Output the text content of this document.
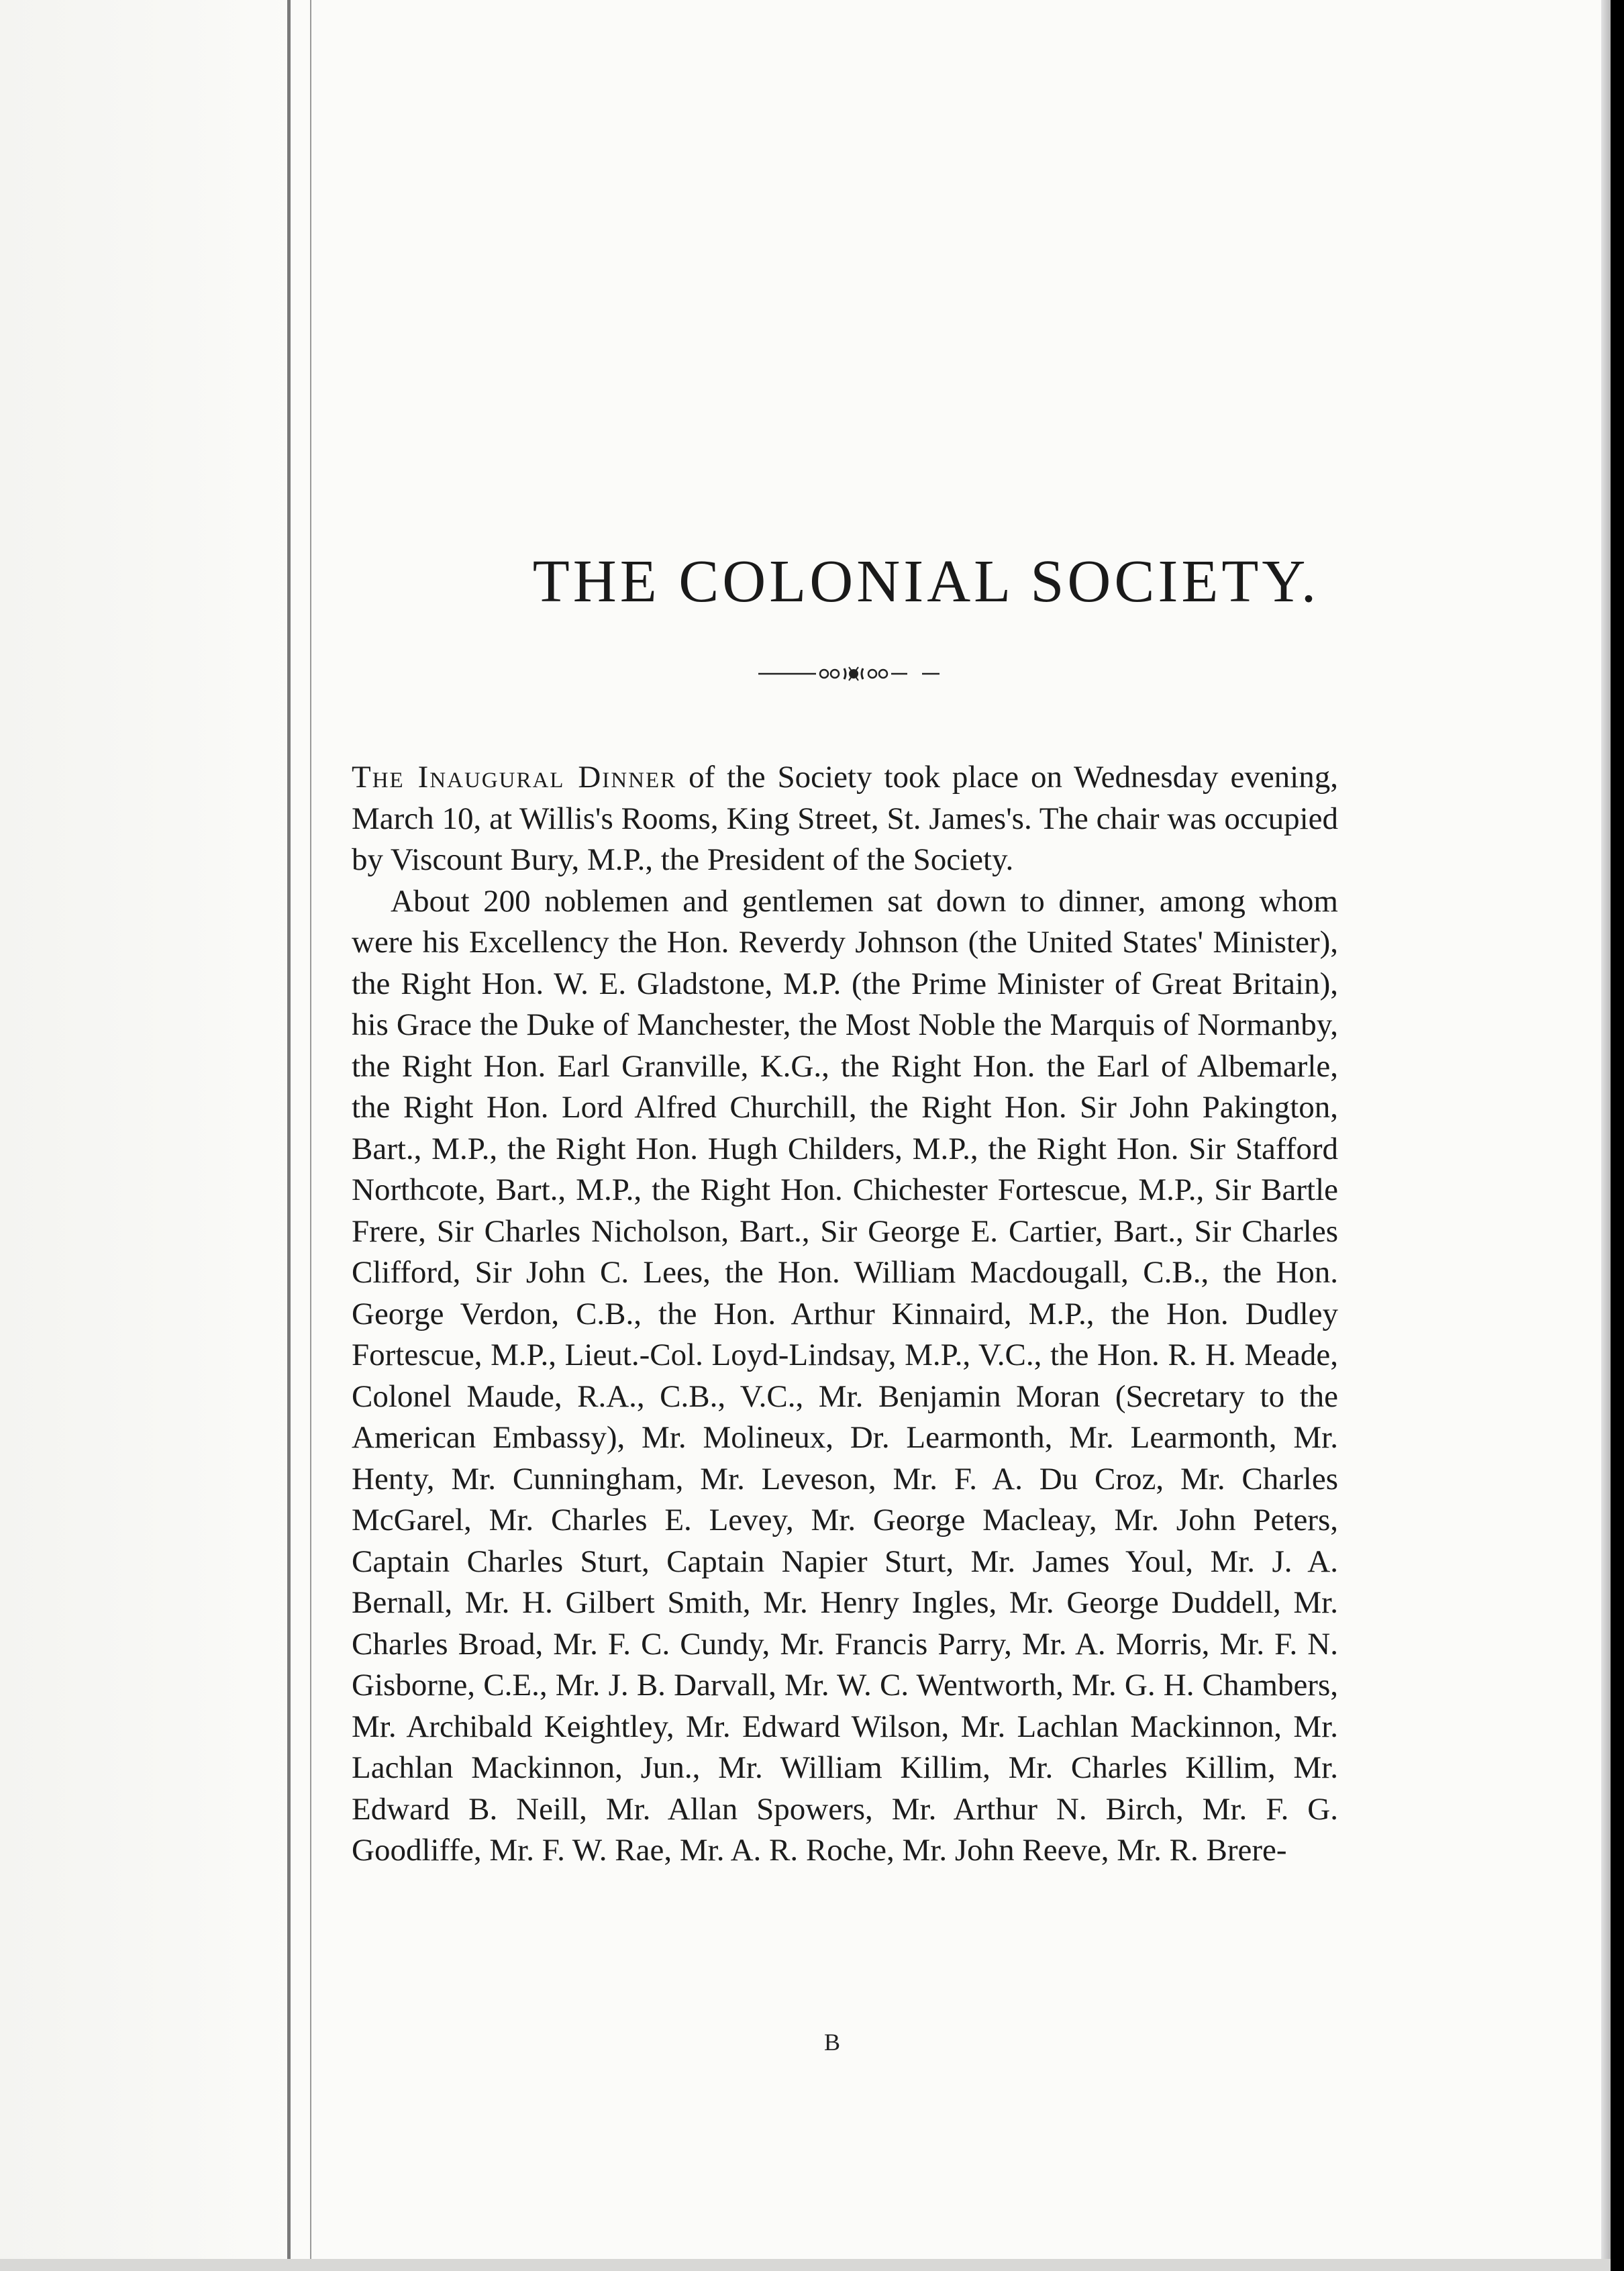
THE COLONIAL SOCIETY.

The Inaugural Dinner of the Society took place on Wednesday evening, March 10, at Willis's Rooms, King Street, St. James's. The chair was occupied by Viscount Bury, M.P., the President of the Society.

About 200 noblemen and gentlemen sat down to dinner, among whom were his Excellency the Hon. Reverdy Johnson (the United States' Minister), the Right Hon. W. E. Gladstone, M.P. (the Prime Minister of Great Britain), his Grace the Duke of Manchester, the Most Noble the Marquis of Normanby, the Right Hon. Earl Granville, K.G., the Right Hon. the Earl of Albemarle, the Right Hon. Lord Alfred Churchill, the Right Hon. Sir John Pakington, Bart., M.P., the Right Hon. Hugh Childers, M.P., the Right Hon. Sir Stafford Northcote, Bart., M.P., the Right Hon. Chichester Fortescue, M.P., Sir Bartle Frere, Sir Charles Nicholson, Bart., Sir George E. Cartier, Bart., Sir Charles Clifford, Sir John C. Lees, the Hon. William Macdougall, C.B., the Hon. George Verdon, C.B., the Hon. Arthur Kinnaird, M.P., the Hon. Dudley Fortescue, M.P., Lieut.-Col. Loyd-Lindsay, M.P., V.C., the Hon. R. H. Meade, Colonel Maude, R.A., C.B., V.C., Mr. Benjamin Moran (Secretary to the American Embassy), Mr. Molineux, Dr. Learmonth, Mr. Learmonth, Mr. Henty, Mr. Cunningham, Mr. Leveson, Mr. F. A. Du Croz, Mr. Charles McGarel, Mr. Charles E. Levey, Mr. George Macleay, Mr. John Peters, Captain Charles Sturt, Captain Napier Sturt, Mr. James Youl, Mr. J. A. Bernall, Mr. H. Gilbert Smith, Mr. Henry Ingles, Mr. George Duddell, Mr. Charles Broad, Mr. F. C. Cundy, Mr. Francis Parry, Mr. A. Morris, Mr. F. N. Gisborne, C.E., Mr. J. B. Darvall, Mr. W. C. Wentworth, Mr. G. H. Chambers, Mr. Archibald Keightley, Mr. Edward Wilson, Mr. Lachlan Mackinnon, Mr. Lachlan Mackinnon, Jun., Mr. William Killim, Mr. Charles Killim, Mr. Edward B. Neill, Mr. Allan Spowers, Mr. Arthur N. Birch, Mr. F. G. Goodliffe, Mr. F. W. Rae, Mr. A. R. Roche, Mr. John Reeve, Mr. R. Brere-

B
